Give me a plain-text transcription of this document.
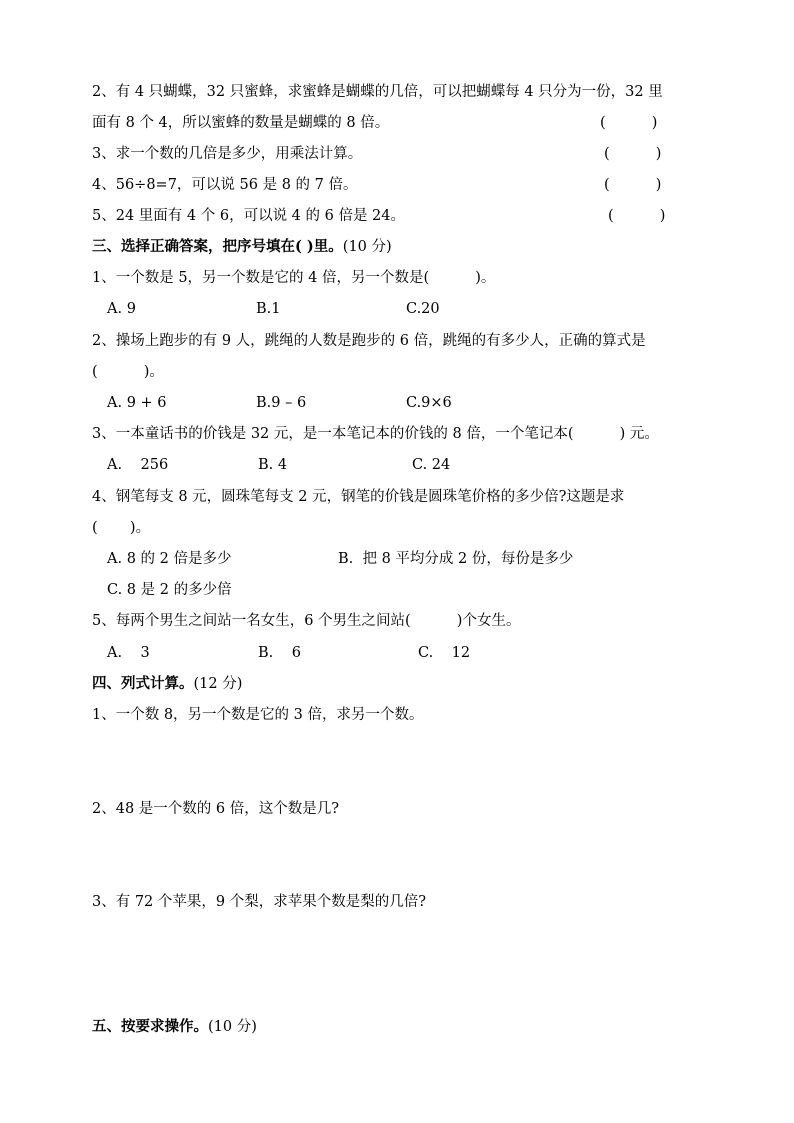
2、有 4 只蝴蝶，32 只蜜蜂，求蜜蜂是蝴蝶的几倍，可以把蝴蝶每 4 只分为一份，32 里
面有 8 个 4，所以蜜蜂的数量是蝴蝶的 8 倍。	(          )
3、求一个数的几倍是多少，用乘法计算。	(          )
4、56÷8=7，可以说 56 是 8 的 7 倍。	(          )
5、24 里面有 4 个 6，可以说 4 的 6 倍是 24。	(          )
三、选择正确答案，把序号填在( )里。(10 分)
1、一个数是 5，另一个数是它的 4 倍，另一个数是(          )。
A. 9	B.1	C.20
2、操场上跑步的有 9 人，跳绳的人数是跑步的 6 倍，跳绳的有多少人，正确的算式是
(          )。
A. 9 + 6	B.9 – 6	C.9×6
3、一本童话书的价钱是 32 元，是一本笔记本的价钱的 8 倍，一个笔记本(          ) 元。
A.    256	B. 4	C. 24
4、钢笔每支 8 元，圆珠笔每支 2 元，钢笔的价钱是圆珠笔价格的多少倍?这题是求
(       )。
A. 8 的 2 倍是多少	B.  把 8 平均分成 2 份，每份是多少
C. 8 是 2 的多少倍
5、每两个男生之间站一名女生，6 个男生之间站(          )个女生。
A.    3	B.    6	C.    12
四、列式计算。(12 分)
1、一个数 8，另一个数是它的 3 倍，求另一个数。
2、48 是一个数的 6 倍，这个数是几?
3、有 72 个苹果，9 个梨，求苹果个数是梨的几倍?
五、按要求操作。(10 分)
